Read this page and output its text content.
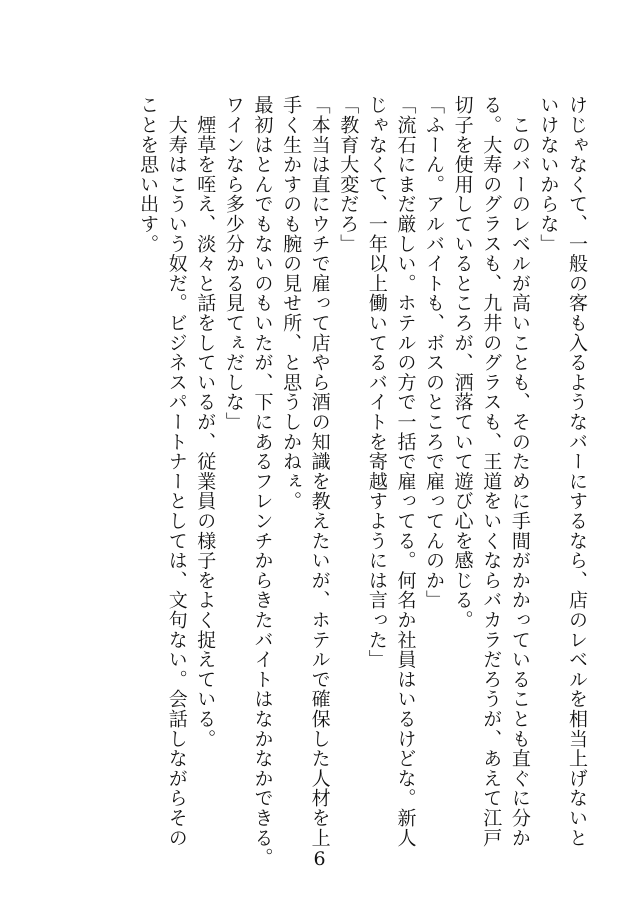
けじゃなくて、一般の客も入るようなバーにするなら、店のレベルを相当上げないと
いけないからな」
　このバーのレベルが高いことも、そのために手間がかかっていることも直ぐに分か
る。大寿のグラスも、九井のグラスも、王道をいくならバカラだろうが、あえて江戸
切子を使用しているところが、洒落ていて遊び心を感じる。
「ふーん。アルバイトも、ボスのところで雇ってんのか」
「流石にまだ厳しい。ホテルの方で一括で雇ってる。何名か社員はいるけどな。新人
じゃなくて、一年以上働いてるバイトを寄越すようには言った」
「教育大変だろ」
「本当は直にウチで雇って店やら酒の知識を教えたいが、ホテルで確保した人材を上
手く生かすのも腕の見せ所、と思うしかねぇ。
最初はとんでもないのもいたが、下にあるフレンチからきたバイトはなかなかできる。
ワインなら多少分かる見てぇだしな」
　煙草を咥え、淡々と話をしているが、従業員の様子をよく捉えている。
　大寿はこういう奴だ。ビジネスパートナーとしては、文句ない。会話しながらその
ことを思い出す。
6
